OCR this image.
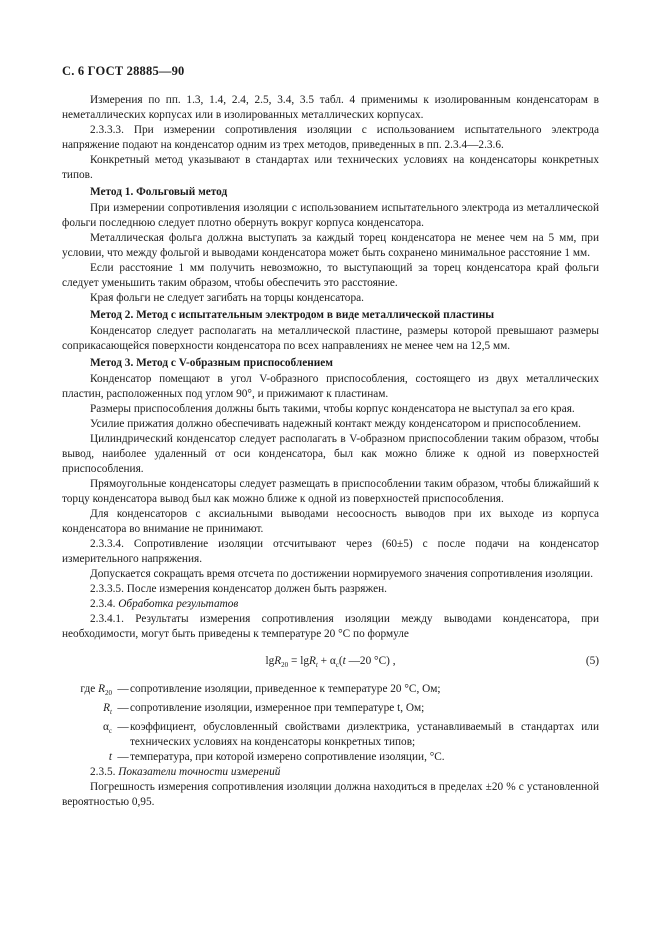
С. 6 ГОСТ 28885—90

Измерения по пп. 1.3, 1.4, 2.4, 2.5, 3.4, 3.5 табл. 4 применимы к изолированным конденсаторам в неметаллических корпусах или в изолированных металлических корпусах.

2.3.3.3. При измерении сопротивления изоляции с использованием испытательного электрода напряжение подают на конденсатор одним из трех методов, приведенных в пп. 2.3.4—2.3.6.

Конкретный метод указывают в стандартах или технических условиях на конденсаторы конкретных типов.

Метод 1. Фольговый метод

При измерении сопротивления изоляции с использованием испытательного электрода из металлической фольги последнюю следует плотно обернуть вокруг корпуса конденсатора.

Металлическая фольга должна выступать за каждый торец конденсатора не менее чем на 5 мм, при условии, что между фольгой и выводами конденсатора может быть сохранено минимальное расстояние 1 мм.

Если расстояние 1 мм получить невозможно, то выступающий за торец конденсатора край фольги следует уменьшить таким образом, чтобы обеспечить это расстояние.

Края фольги не следует загибать на торцы конденсатора.

Метод 2. Метод с испытательным электродом в виде металлической пластины

Конденсатор следует располагать на металлической пластине, размеры которой превышают размеры соприкасающейся поверхности конденсатора по всех направлениях не менее чем на 12,5 мм.

Метод 3. Метод с V-образным приспособлением

Конденсатор помещают в угол V-образного приспособления, состоящего из двух металлических пластин, расположенных под углом 90°, и прижимают к пластинам.

Размеры приспособления должны быть такими, чтобы корпус конденсатора не выступал за его края.

Усилие прижатия должно обеспечивать надежный контакт между конденсатором и приспособлением.

Цилиндрический конденсатор следует располагать в V-образном приспособлении таким образом, чтобы вывод, наиболее удаленный от оси конденсатора, был как можно ближе к одной из поверхностей приспособления.

Прямоугольные конденсаторы следует размещать в приспособлении таким образом, чтобы ближайший к торцу конденсатора вывод был как можно ближе к одной из поверхностей приспособления.

Для конденсаторов с аксиальными выводами несоосность выводов при их выходе из корпуса конденсатора во внимание не принимают.

2.3.3.4. Сопротивление изоляции отсчитывают через (60±5) с после подачи на конденсатор измерительного напряжения.

Допускается сокращать время отсчета по достижении нормируемого значения сопротивления изоляции.

2.3.3.5. После измерения конденсатор должен быть разряжен.

2.3.4. Обработка результатов

2.3.4.1. Результаты измерения сопротивления изоляции между выводами конденсатора, при необходимости, могут быть приведены к температуре 20 °С по формуле

$\lg R_{20} = \lg R_t + \alpha_c(t$ —20 °С) ,	(5)
где $R_{20}$ — сопротивление изоляции, приведенное к температуре 20 °С, Ом;
$R_t$ — сопротивление изоляции, измеренное при температуре t, Ом;
$\alpha_c$ — коэффициент, обусловленный свойствами диэлектрика, устанавливаемый в стандартах или технических условиях на конденсаторы конкретных типов;
t — температура, при которой измерено сопротивление изоляции, °С.

2.3.5. Показатели точности измерений

Погрешность измерения сопротивления изоляции должна находиться в пределах ±20 % с установленной вероятностью 0,95.
